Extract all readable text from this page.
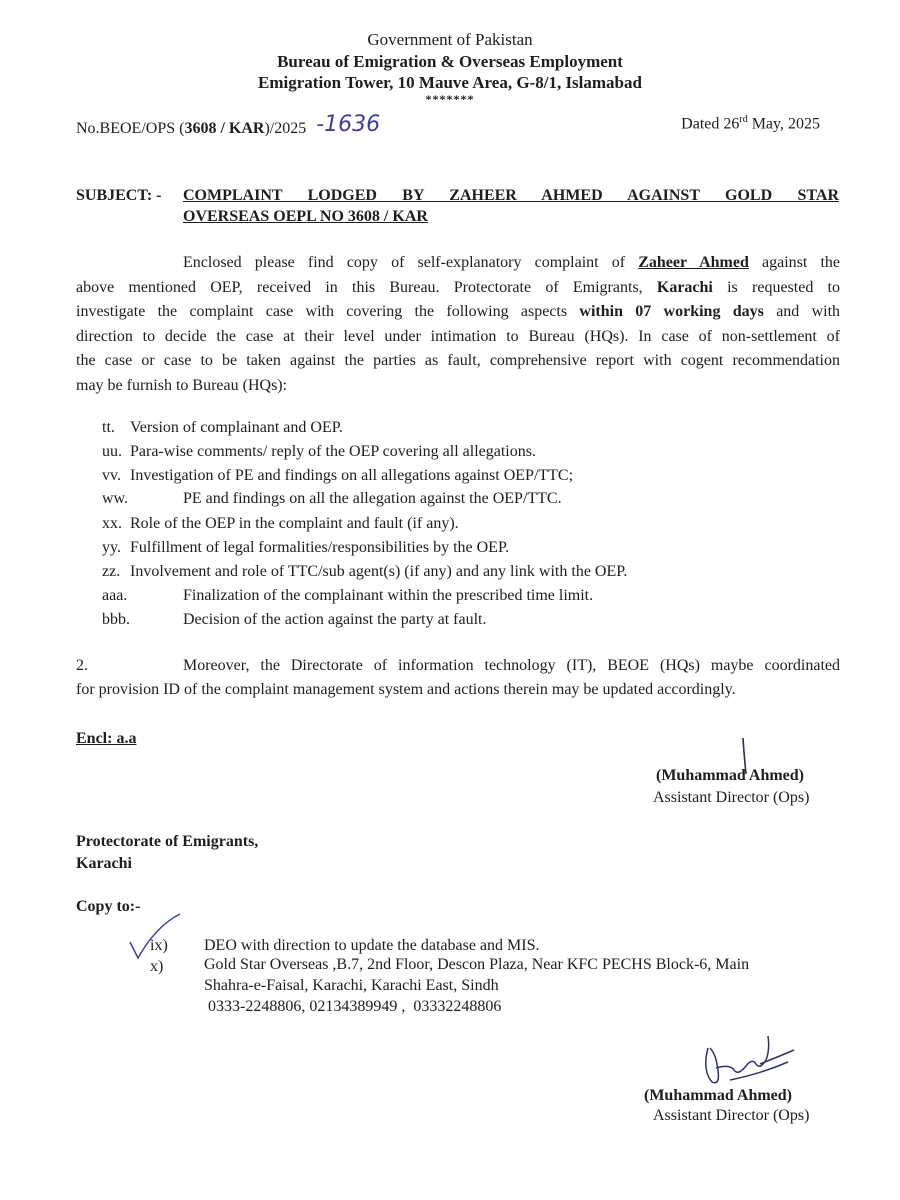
Government of Pakistan
Bureau of Emigration & Overseas Employment
Emigration Tower, 10 Mauve Area, G-8/1, Islamabad
*******
No.BEOE/OPS (3608 / KAR)/2025 -1636	Dated 26rd May, 2025
SUBJECT: - COMPLAINT LODGED BY ZAHEER AHMED AGAINST GOLD STAR
OVERSEAS OEPL NO 3608 / KAR
Enclosed please find copy of self-explanatory complaint of Zaheer Ahmed against the
above mentioned OEP, received in this Bureau. Protectorate of Emigrants, Karachi is requested to
investigate the complaint case with covering the following aspects within 07 working days and with
direction to decide the case at their level under intimation to Bureau (HQs). In case of non-settlement of
the case or case to be taken against the parties as fault, comprehensive report with cogent recommendation
may be furnish to Bureau (HQs):
tt. Version of complainant and OEP.
uu. Para-wise comments/ reply of the OEP covering all allegations.
vv. Investigation of PE and findings on all allegations against OEP/TTC;
ww.	PE and findings on all the allegation against the OEP/TTC.
xx. Role of the OEP in the complaint and fault (if any).
yy. Fulfillment of legal formalities/responsibilities by the OEP.
zz. Involvement and role of TTC/sub agent(s) (if any) and any link with the OEP.
aaa.	Finalization of the complainant within the prescribed time limit.
bbb.	Decision of the action against the party at fault.
2.	Moreover, the Directorate of information technology (IT), BEOE (HQs) maybe coordinated
for provision ID of the complaint management system and actions therein may be updated accordingly.
Encl: a.a
(Muhammad Ahmed)
Assistant Director (Ops)
Protectorate of Emigrants,
Karachi
Copy to:-
ix) DEO with direction to update the database and MIS.
x)	Gold Star Overseas ,B.7, 2nd Floor, Descon Plaza, Near KFC PECHS Block-6, Main
Shahra-e-Faisal, Karachi, Karachi East, Sindh
0333-2248806, 02134389949 ,  03332248806
(Muhammad Ahmed)
Assistant Director (Ops)
